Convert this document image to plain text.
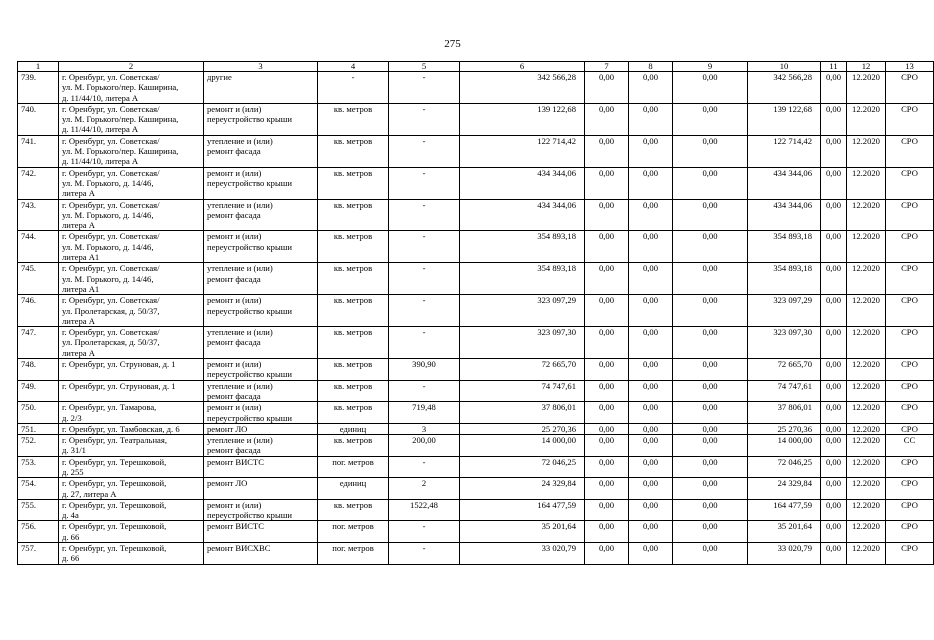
275
1	2	3	4	5	6	7	8	9	10	11	12	13
739.	г. Оренбург, ул. Советская/
ул. М. Горького/пер. Каширина,
д. 11/44/10, литера А	другие	-	-	342 566,28	0,00	0,00	0,00	342 566,28	0,00	12.2020	СРО
740.	г. Оренбург, ул. Советская/
ул. М. Горького/пер. Каширина,
д. 11/44/10, литера А	ремонт и (или)
переустройство крыши	кв. метров	-	139 122,68	0,00	0,00	0,00	139 122,68	0,00	12.2020	СРО
741.	г. Оренбург, ул. Советская/
ул. М. Горького/пер. Каширина,
д. 11/44/10, литера А	утепление и (или)
ремонт фасада	кв. метров	-	122 714,42	0,00	0,00	0,00	122 714,42	0,00	12.2020	СРО
742.	г. Оренбург, ул. Советская/
ул. М. Горького, д. 14/46,
литера А	ремонт и (или)
переустройство крыши	кв. метров	-	434 344,06	0,00	0,00	0,00	434 344,06	0,00	12.2020	СРО
743.	г. Оренбург, ул. Советская/
ул. М. Горького, д. 14/46,
литера А	утепление и (или)
ремонт фасада	кв. метров	-	434 344,06	0,00	0,00	0,00	434 344,06	0,00	12.2020	СРО
744.	г. Оренбург, ул. Советская/
ул. М. Горького, д. 14/46,
литера А1	ремонт и (или)
переустройство крыши	кв. метров	-	354 893,18	0,00	0,00	0,00	354 893,18	0,00	12.2020	СРО
745.	г. Оренбург, ул. Советская/
ул. М. Горького, д. 14/46,
литера А1	утепление и (или)
ремонт фасада	кв. метров	-	354 893,18	0,00	0,00	0,00	354 893,18	0,00	12.2020	СРО
746.	г. Оренбург, ул. Советская/
ул. Пролетарская, д. 50/37,
литера А	ремонт и (или)
переустройство крыши	кв. метров	-	323 097,29	0,00	0,00	0,00	323 097,29	0,00	12.2020	СРО
747.	г. Оренбург, ул. Советская/
ул. Пролетарская, д. 50/37,
литера А	утепление и (или)
ремонт фасада	кв. метров	-	323 097,30	0,00	0,00	0,00	323 097,30	0,00	12.2020	СРО
748.	г. Оренбург, ул. Струновая, д. 1	ремонт и (или)
переустройство крыши	кв. метров	390,90	72 665,70	0,00	0,00	0,00	72 665,70	0,00	12.2020	СРО
749.	г. Оренбург, ул. Струновая, д. 1	утепление и (или)
ремонт фасада	кв. метров	-	74 747,61	0,00	0,00	0,00	74 747,61	0,00	12.2020	СРО
750.	г. Оренбург, ул. Тамарова,
д. 2/3	ремонт и (или)
переустройство крыши	кв. метров	719,48	37 806,01	0,00	0,00	0,00	37 806,01	0,00	12.2020	СРО
751.	г. Оренбург, ул. Тамбовская, д. 6	ремонт ЛО	единиц	3	25 270,36	0,00	0,00	0,00	25 270,36	0,00	12.2020	СРО
752.	г. Оренбург, ул. Театральная,
д. 31/1	утепление и (или)
ремонт фасада	кв. метров	200,00	14 000,00	0,00	0,00	0,00	14 000,00	0,00	12.2020	СС
753.	г. Оренбург, ул. Терешковой,
д. 255	ремонт ВИСТС	пог. метров	-	72 046,25	0,00	0,00	0,00	72 046,25	0,00	12.2020	СРО
754.	г. Оренбург, ул. Терешковой,
д. 27, литера А	ремонт ЛО	единиц	2	24 329,84	0,00	0,00	0,00	24 329,84	0,00	12.2020	СРО
755.	г. Оренбург, ул. Терешковой,
д. 4а	ремонт и (или)
переустройство крыши	кв. метров	1522,48	164 477,59	0,00	0,00	0,00	164 477,59	0,00	12.2020	СРО
756.	г. Оренбург, ул. Терешковой,
д. 66	ремонт ВИСТС	пог. метров	-	35 201,64	0,00	0,00	0,00	35 201,64	0,00	12.2020	СРО
757.	г. Оренбург, ул. Терешковой,
д. 66	ремонт ВИСХВС	пог. метров	-	33 020,79	0,00	0,00	0,00	33 020,79	0,00	12.2020	СРО
